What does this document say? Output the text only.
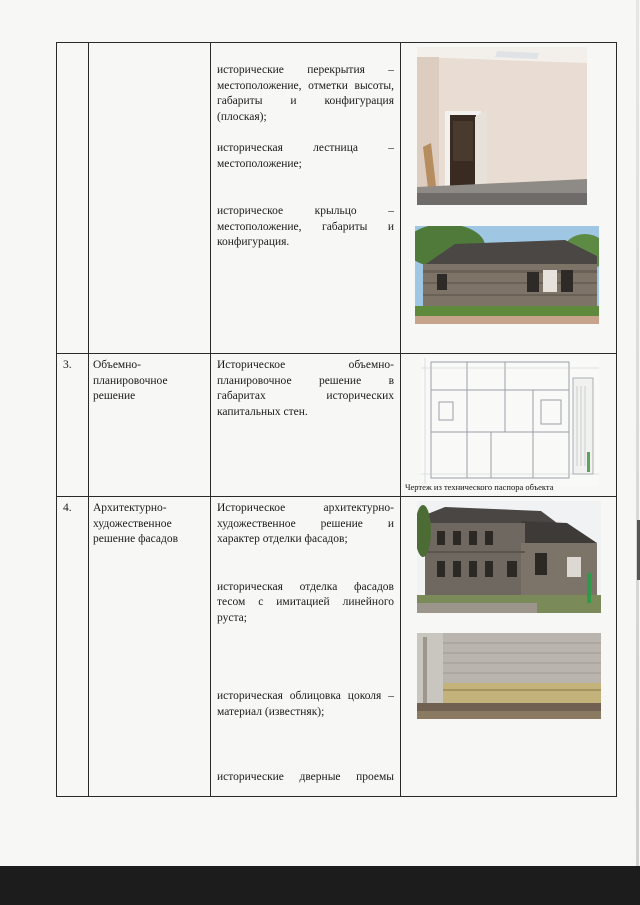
		исторические перекрытия – местоположение, отметки высоты, габариты и конфигурация (плоская);

историческая лестница – местоположение;

историческое крыльцо – местоположение, габариты и конфигурация.

3.	Объемно-планировочное решение	Историческое объемно-планировочное решение в габаритах исторических капитальных стен.	Чертеж из технического паспора объекта

4.	Архитектурно-художественное решение фасадов	Историческое архитектурно-художественное решение и характер отделки фасадов;

историческая отделка фасадов тесом с имитацией линейного руста;

историческая облицовка цоколя – материал (известняк);

исторические дверные проемы
